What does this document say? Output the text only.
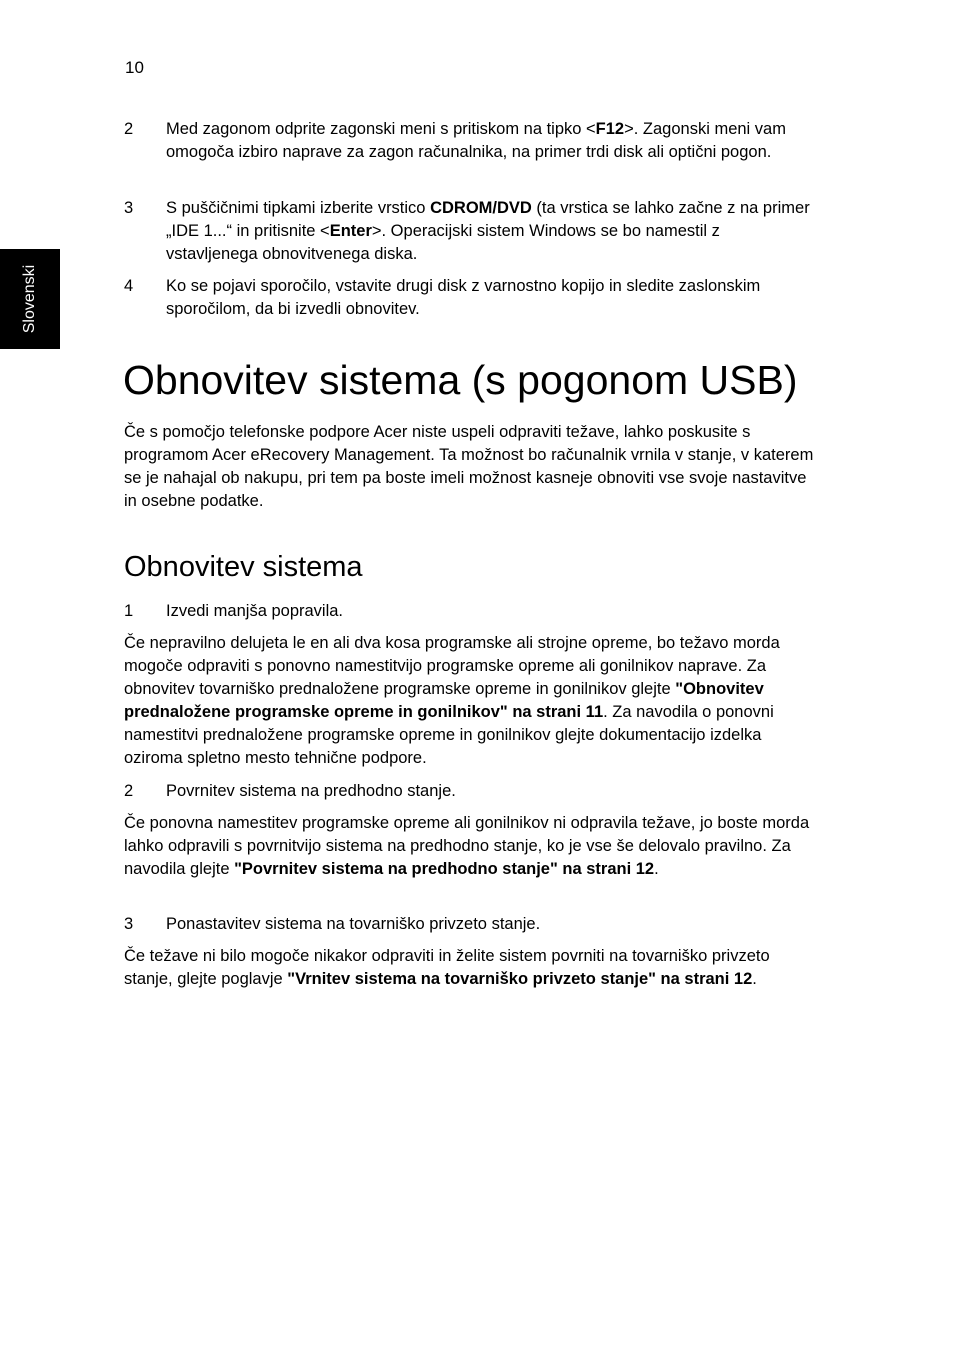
10
Slovenski
2 Med zagonom odprite zagonski meni s pritiskom na tipko <F12>. Zagonski meni vam omogoča izbiro naprave za zagon računalnika, na primer trdi disk ali optični pogon.
3 S puščičnimi tipkami izberite vrstico CDROM/DVD (ta vrstica se lahko začne z na primer „IDE 1...“ in pritisnite <Enter>. Operacijski sistem Windows se bo namestil z vstavljenega obnovitvenega diska.
4 Ko se pojavi sporočilo, vstavite drugi disk z varnostno kopijo in sledite zaslonskim sporočilom, da bi izvedli obnovitev.
Obnovitev sistema (s pogonom USB)
Če s pomočjo telefonske podpore Acer niste uspeli odpraviti težave, lahko poskusite s programom Acer eRecovery Management. Ta možnost bo računalnik vrnila v stanje, v katerem se je nahajal ob nakupu, pri tem pa boste imeli možnost kasneje obnoviti vse svoje nastavitve in osebne podatke.
Obnovitev sistema
1 Izvedi manjša popravila.
Če nepravilno delujeta le en ali dva kosa programske ali strojne opreme, bo težavo morda mogoče odpraviti s ponovno namestitvijo programske opreme ali gonilnikov naprave. Za obnovitev tovarniško prednaložene programske opreme in gonilnikov glejte "Obnovitev prednaložene programske opreme in gonilnikov" na strani 11. Za navodila o ponovni namestitvi prednaložene programske opreme in gonilnikov glejte dokumentacijo izdelka oziroma spletno mesto tehnične podpore.
2 Povrnitev sistema na predhodno stanje.
Če ponovna namestitev programske opreme ali gonilnikov ni odpravila težave, jo boste morda lahko odpravili s povrnitvijo sistema na predhodno stanje, ko je vse še delovalo pravilno. Za navodila glejte "Povrnitev sistema na predhodno stanje" na strani 12.
3 Ponastavitev sistema na tovarniško privzeto stanje.
Če težave ni bilo mogoče nikakor odpraviti in želite sistem povrniti na tovarniško privzeto stanje, glejte poglavje "Vrnitev sistema na tovarniško privzeto stanje" na strani 12.
